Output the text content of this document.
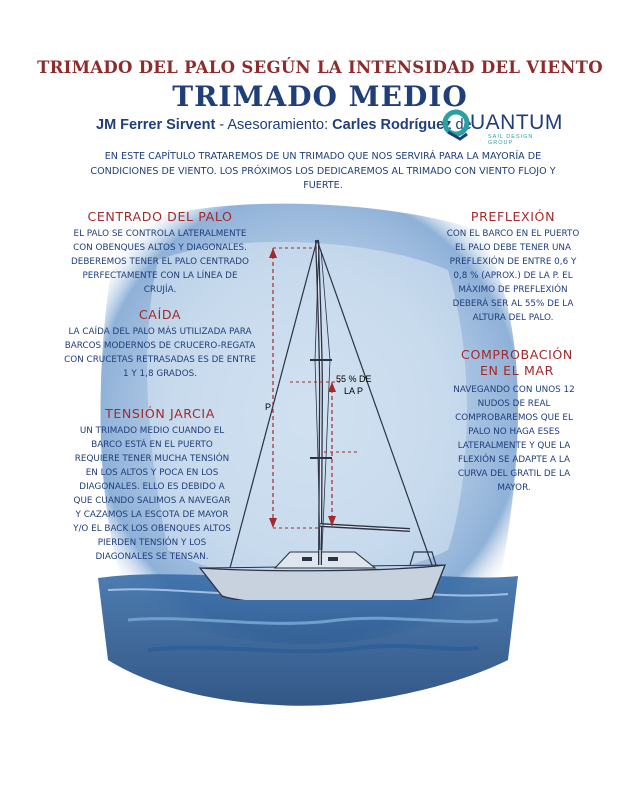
TRIMADO DEL PALO SEGÚN LA INTENSIDAD DEL VIENTO
TRIMADO MEDIO
JM Ferrer Sirvent - Asesoramiento: Carles Rodríguez de
UANTUM
SAIL DESIGN GROUP
EN ESTE CAPÍTULO TRATAREMOS DE UN TRIMADO QUE NOS SERVIRÁ PARA LA MAYORÍA DE CONDICIONES DE VIENTO. LOS PRÓXIMOS LOS DEDICAREMOS AL TRIMADO CON VIENTO FLOJO Y FUERTE.
P
55 % DE
LA P
CENTRADO DEL PALO
EL PALO SE CONTROLA LATERALMENTE CON OBENQUES ALTOS Y DIAGONALES. DEBEREMOS TENER EL PALO CENTRADO PERFECTAMENTE CON LA LÍNEA DE CRUJÍA.
CAÍDA
LA CAÍDA DEL PALO MÁS UTILIZADA PARA BARCOS MODERNOS DE CRUCERO-REGATA CON CRUCETAS RETRASADAS ES DE ENTRE 1 Y 1,8 GRADOS.
TENSIÓN JARCIA
UN TRIMADO MEDIO CUANDO EL BARCO ESTÁ EN EL PUERTO REQUIERE TENER MUCHA TENSIÓN EN LOS ALTOS Y POCA EN LOS DIAGONALES. ELLO ES DEBIDO A QUE CUANDO SALIMOS A NAVEGAR Y CAZAMOS LA ESCOTA DE MAYOR Y/O EL BACK LOS OBENQUES ALTOS PIERDEN TENSIÓN Y LOS DIAGONALES SE TENSAN.
PREFLEXIÓN
CON EL BARCO EN EL PUERTO EL PALO DEBE TENER UNA PREFLEXIÓN DE ENTRE 0,6 Y 0,8 % (APROX.) DE LA P. EL MÁXIMO DE PREFLEXIÓN DEBERÁ SER AL 55% DE LA ALTURA DEL PALO.
COMPROBACIÓN
EN EL MAR
NAVEGANDO CON UNOS 12 NUDOS DE REAL COMPROBAREMOS QUE EL PALO NO HAGA ESES LATERALMENTE Y QUE LA FLEXIÓN SE ADAPTE A LA CURVA DEL GRATIL DE LA MAYOR.
